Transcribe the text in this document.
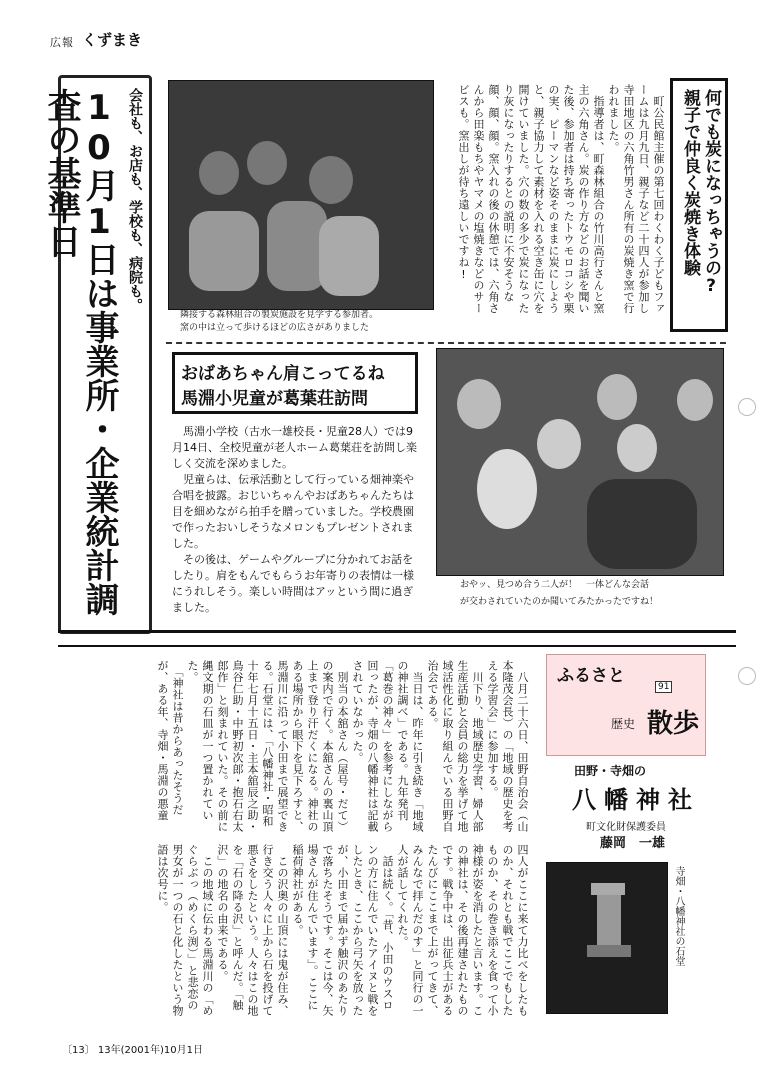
広報 くずまき
会社も、お店も、学校も、病院も。
10月1日は事業所・企業統計調査の基準日
隣接する森林組合の製炭施設を見学する参加者。
窯の中は立って歩けるほどの広さがありました
　町公民館主催の第七回わくわく子どもファームは九月九日、親子など二十四人が参加し寺田地区の六角竹男さん所有の炭焼き窯で行われました。
　指導者は、町森林組合の竹川高行さんと窯主の六角さん。炭の作り方などのお話を聞いた後、参加者は持ち寄ったトウモロコシや栗の実、ピーマンなど姿そのままに炭にしようと、親子協力して素材を入れる空き缶に穴を開けていました。穴の数の多少で炭になったり灰になったりするとの説明に不安そうな顔、顔、顔。窯入れの後の休憩では、六角さんから田楽もちやヤマメの塩焼きなどのサービスも。窯出しが待ち遠しいですね!	何でも炭になっちゃうの?
親子で仲良く炭焼き体験
おばあちゃん肩こってるね
馬淵小児童が葛葉荘訪問
　馬淵小学校（古水一雄校長・児童28人）では9月14日、全校児童が老人ホーム葛葉荘を訪問し楽しく交流を深めました。
　児童らは、伝承活動として行っている畑神楽や合唱を披露。おじいちゃんやおばあちゃんたちは目を細めながら拍手を贈っていました。学校農園で作ったおいしそうなメロンもプレゼントされました。
　その後は、ゲームやグループに分かれてお話をしたり。肩をもんでもらうお年寄りの表情は一様にうれしそう。楽しい時間はアッという間に過ぎました。
おやッ、見つめ合う二人が！　一体どんな会話
が交わされていたのか聞いてみたかったですね！
　八月二十六日、田野自治会（山本隆茂会長）の「地域の歴史を考える学習会」に参加する。
　川下り、地域歴史学習、婦人部生産活動と会員の総力を挙げて地域活性化に取り組んでいる田野自治会である。
　当日は、昨年に引き続き「地域の神社調べ」である。九年発刊「葛巻の神々」を参考にしながら回ったが、寺畑の八幡神社は記載されていなかった。
　別当の本舘さん（屋号・だて）の案内で行く。本舘さんの裏山頂上まで登り汗だくになる。神社のある場所から眼下を見下ろすと、馬淵川に沿って小田まで展望できる。石堂には、「八幡神社・昭和十年七月十五日・主本舘辰之助・鳥谷仁助・中野初次郎・抱石右太郎作」と刻まれていた。その前に縄文期の石皿が一つ置かれていた。
　「神社は昔からあったそうだが、ある年、寺畑・馬淵の悪童
四人がここに来て力比べをしたものか、それとも戦でここでもしたものか、その巻き添えを食って小神様が姿を消したと言います。この神社は、その後再建されたものです。戦争中は、出征兵士があるたんびにここまで上がってきて、みんなで拝んだのす」と同行の一人が話してくれた。
　話は続く。「昔、小田のウスロンの方に住んでいたアイヌと戦をしたとき、ここから弓矢を放ったが、小田まで届かず触沢のあたりで落ちたそうです。そこは今、矢場さんが住んでいます」。ここに稲荷神社がある。
　この沢奥の山頂には鬼が住み、行き交う人々に上から石を投げて悪さをしたという。人々はこの地を「石の降る沢」と呼んだ。「触沢」の地名の由来である。
　この地域に伝わる馬淵川の「めぐらぶっ（めくら渕）」と悲恋の男女が一つの石と化したという物語は次号に。
ふるさと
91
歴史 散歩
田野・寺畑の
八幡神社
町文化財保護委員
藤岡　一雄
寺畑・八幡神社の石堂
〔13〕 13年(2001年)10月1日
